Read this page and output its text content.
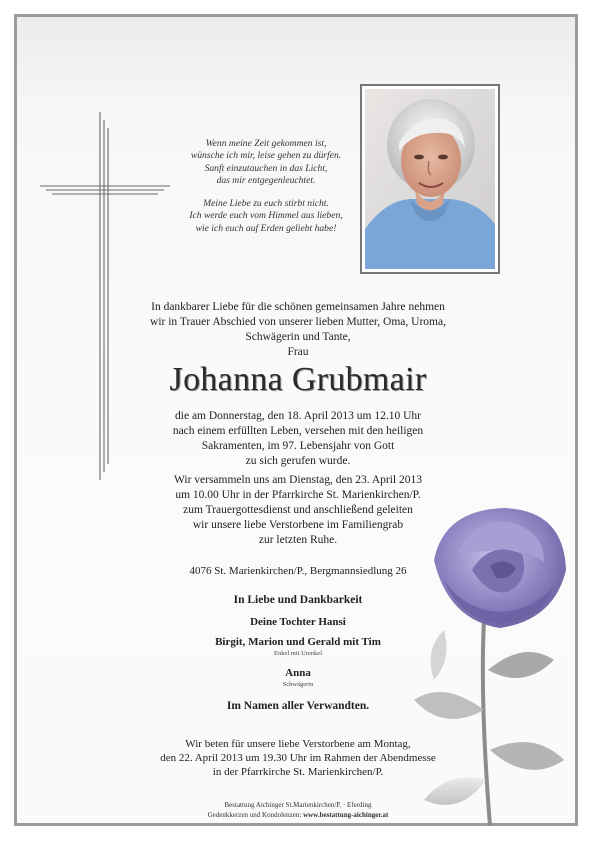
Wenn meine Zeit gekommen ist,

wünsche ich mir, leise gehen zu dürfen.

Sanft einzutauchen in das Licht,

das mir entgegenleuchtet.

Meine Liebe zu euch stirbt nicht.

Ich werde euch vom Himmel aus lieben,

wie ich euch auf Erden geliebt habe!

In dankbarer Liebe für die schönen gemeinsamen Jahre nehmen
wir in Trauer Abschied von unserer lieben Mutter, Oma, Uroma,
Schwägerin und Tante,
Frau
Johanna Grubmair
die am Donnerstag, den 18. April 2013 um 12.10 Uhr
nach einem erfüllten Leben, versehen mit den heiligen
Sakramenten, im 97. Lebensjahr von Gott
zu sich gerufen wurde.
Wir versammeln uns am Dienstag, den 23. April 2013
um 10.00 Uhr in der Pfarrkirche St. Marienkirchen/P.
zum Trauergottesdienst und anschließend geleiten
wir unsere liebe Verstorbene im Familiengrab
zur letzten Ruhe.
4076 St. Marienkirchen/P., Bergmannsiedlung 26
In Liebe und Dankbarkeit
Deine Tochter Hansi
Birgit, Marion und Gerald mit Tim
Enkel mit Urenkel
Anna
Schwägerin
Im Namen aller Verwandten.
Wir beten für unsere liebe Verstorbene am Montag,
den 22. April 2013 um 19.30 Uhr im Rahmen der Abendmesse
in der Pfarrkirche St. Marienkirchen/P.
Bestattung Aichinger St.Marienkirchen/P. · Eferding
Gedenkkerzen und Kondolenzen: www.bestattung-aichinger.at
